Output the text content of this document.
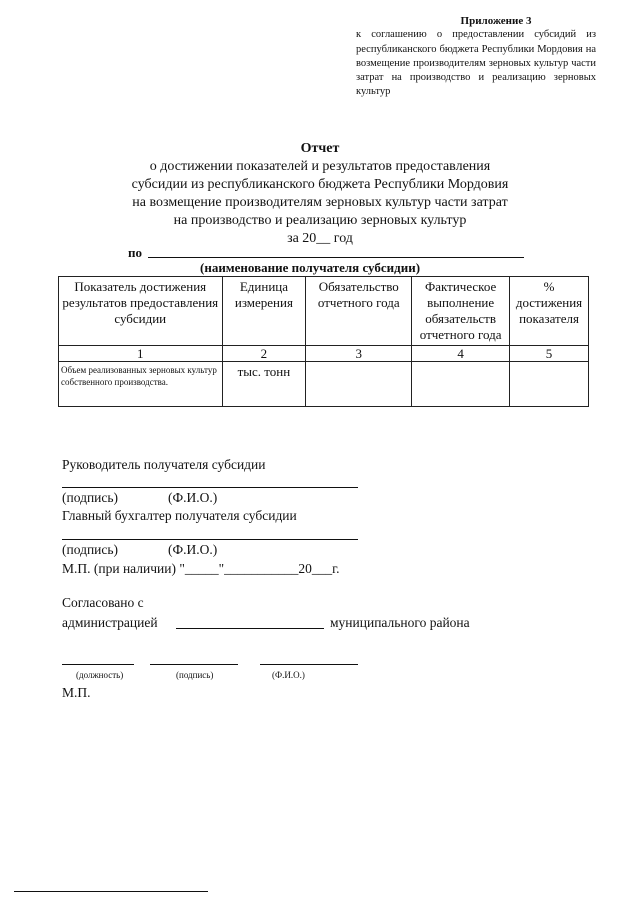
Приложение 3
к соглашению о предоставлении субсидий из республиканского бюджета Республики Мордовия на возмещение производителям зерновых культур части затрат на производство и реализацию зерновых культур
Отчет
о достижении показателей и результатов предоставления
субсидии из республиканского бюджета Республики Мордовия
на возмещение производителям зерновых культур части затрат
на производство и реализацию зерновых культур
за 20__ год
по
(наименование получателя субсидии)
Показатель достижения результатов предоставления субсидии	Единица измерения	Обязательство отчетного года	Фактическое выполнение обязательств отчетного года	% достижения показателя
1	2	3	4	5
Объем реализованных зерновых культур собственного производства.	тыс. тонн			
Руководитель получателя субсидии
(подпись)	(Ф.И.О.)
Главный бухгалтер получателя субсидии
(подпись)	(Ф.И.О.)
М.П. (при наличии) "_____"___________20___г.
Согласовано с
администрацией	муниципального района
(должность)	(подпись)	(Ф.И.О.)
М.П.
